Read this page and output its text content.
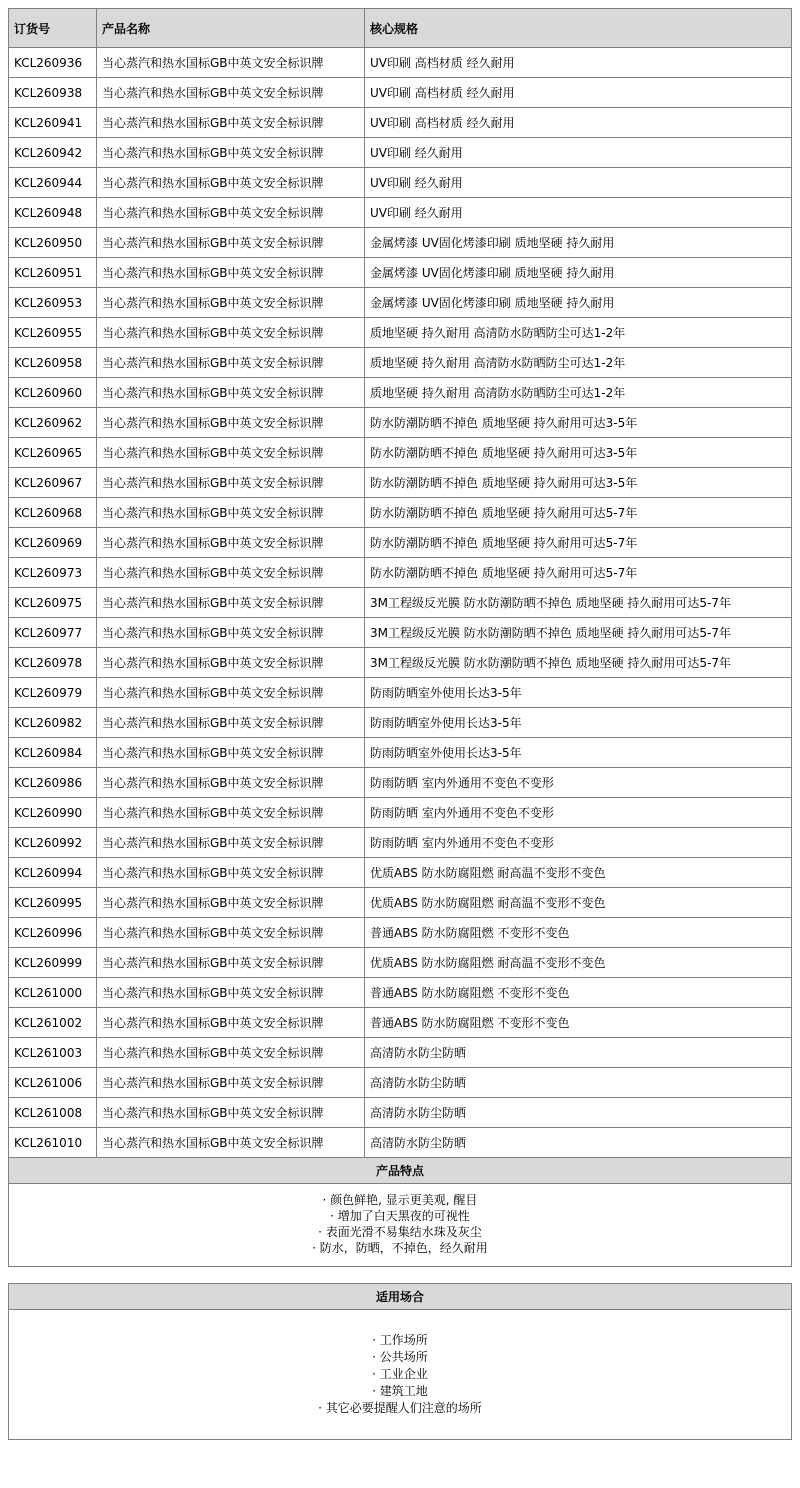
订货号	产品名称	核心规格
KCL260936	当心蒸汽和热水国标GB中英文安全标识牌	UV印刷 高档材质 经久耐用
KCL260938	当心蒸汽和热水国标GB中英文安全标识牌	UV印刷 高档材质 经久耐用
KCL260941	当心蒸汽和热水国标GB中英文安全标识牌	UV印刷 高档材质 经久耐用
KCL260942	当心蒸汽和热水国标GB中英文安全标识牌	UV印刷 经久耐用
KCL260944	当心蒸汽和热水国标GB中英文安全标识牌	UV印刷 经久耐用
KCL260948	当心蒸汽和热水国标GB中英文安全标识牌	UV印刷 经久耐用
KCL260950	当心蒸汽和热水国标GB中英文安全标识牌	金属烤漆 UV固化烤漆印刷 质地坚硬 持久耐用
KCL260951	当心蒸汽和热水国标GB中英文安全标识牌	金属烤漆 UV固化烤漆印刷 质地坚硬 持久耐用
KCL260953	当心蒸汽和热水国标GB中英文安全标识牌	金属烤漆 UV固化烤漆印刷 质地坚硬 持久耐用
KCL260955	当心蒸汽和热水国标GB中英文安全标识牌	质地坚硬 持久耐用 高清防水防晒防尘可达1-2年
KCL260958	当心蒸汽和热水国标GB中英文安全标识牌	质地坚硬 持久耐用 高清防水防晒防尘可达1-2年
KCL260960	当心蒸汽和热水国标GB中英文安全标识牌	质地坚硬 持久耐用 高清防水防晒防尘可达1-2年
KCL260962	当心蒸汽和热水国标GB中英文安全标识牌	防水防潮防晒不掉色 质地坚硬 持久耐用可达3-5年
KCL260965	当心蒸汽和热水国标GB中英文安全标识牌	防水防潮防晒不掉色 质地坚硬 持久耐用可达3-5年
KCL260967	当心蒸汽和热水国标GB中英文安全标识牌	防水防潮防晒不掉色 质地坚硬 持久耐用可达3-5年
KCL260968	当心蒸汽和热水国标GB中英文安全标识牌	防水防潮防晒不掉色 质地坚硬 持久耐用可达5-7年
KCL260969	当心蒸汽和热水国标GB中英文安全标识牌	防水防潮防晒不掉色 质地坚硬 持久耐用可达5-7年
KCL260973	当心蒸汽和热水国标GB中英文安全标识牌	防水防潮防晒不掉色 质地坚硬 持久耐用可达5-7年
KCL260975	当心蒸汽和热水国标GB中英文安全标识牌	3M工程级反光膜 防水防潮防晒不掉色 质地坚硬 持久耐用可达5-7年
KCL260977	当心蒸汽和热水国标GB中英文安全标识牌	3M工程级反光膜 防水防潮防晒不掉色 质地坚硬 持久耐用可达5-7年
KCL260978	当心蒸汽和热水国标GB中英文安全标识牌	3M工程级反光膜 防水防潮防晒不掉色 质地坚硬 持久耐用可达5-7年
KCL260979	当心蒸汽和热水国标GB中英文安全标识牌	防雨防晒室外使用长达3-5年
KCL260982	当心蒸汽和热水国标GB中英文安全标识牌	防雨防晒室外使用长达3-5年
KCL260984	当心蒸汽和热水国标GB中英文安全标识牌	防雨防晒室外使用长达3-5年
KCL260986	当心蒸汽和热水国标GB中英文安全标识牌	防雨防晒 室内外通用不变色不变形
KCL260990	当心蒸汽和热水国标GB中英文安全标识牌	防雨防晒 室内外通用不变色不变形
KCL260992	当心蒸汽和热水国标GB中英文安全标识牌	防雨防晒 室内外通用不变色不变形
KCL260994	当心蒸汽和热水国标GB中英文安全标识牌	优质ABS 防水防腐阻燃 耐高温不变形不变色
KCL260995	当心蒸汽和热水国标GB中英文安全标识牌	优质ABS 防水防腐阻燃 耐高温不变形不变色
KCL260996	当心蒸汽和热水国标GB中英文安全标识牌	普通ABS 防水防腐阻燃 不变形不变色
KCL260999	当心蒸汽和热水国标GB中英文安全标识牌	优质ABS 防水防腐阻燃 耐高温不变形不变色
KCL261000	当心蒸汽和热水国标GB中英文安全标识牌	普通ABS 防水防腐阻燃 不变形不变色
KCL261002	当心蒸汽和热水国标GB中英文安全标识牌	普通ABS 防水防腐阻燃 不变形不变色
KCL261003	当心蒸汽和热水国标GB中英文安全标识牌	高清防水防尘防晒
KCL261006	当心蒸汽和热水国标GB中英文安全标识牌	高清防水防尘防晒
KCL261008	当心蒸汽和热水国标GB中英文安全标识牌	高清防水防尘防晒
KCL261010	当心蒸汽和热水国标GB中英文安全标识牌	高清防水防尘防晒
产品特点		

· 颜色鲜艳, 显示更美观, 醒目
· 增加了白天黑夜的可视性
· 表面光滑不易集结水珠及灰尘
· 防水，防晒，不掉色，经久耐用		
适用场合

· 工作场所
· 公共场所
· 工业企业
· 建筑工地
· 其它必要提醒人们注意的场所
